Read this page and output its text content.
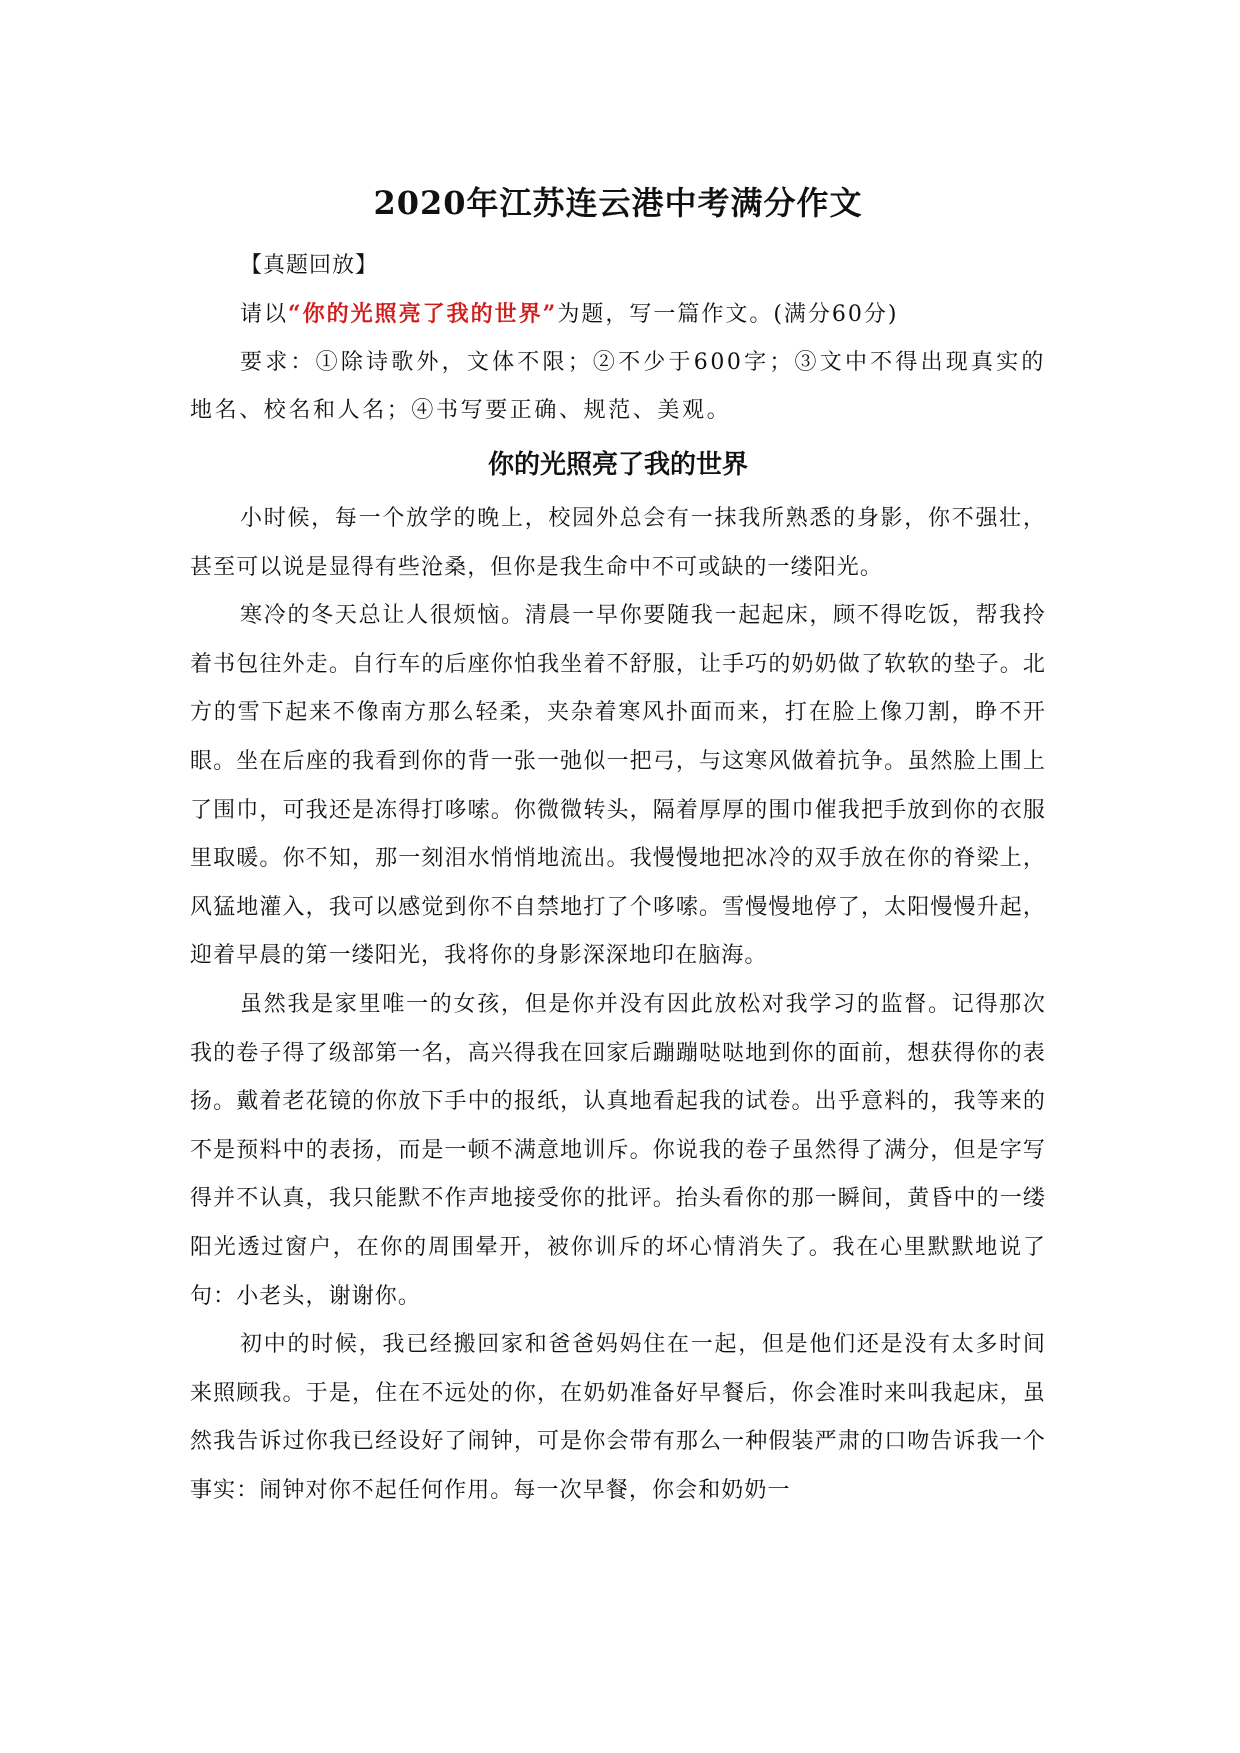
2020年江苏连云港中考满分作文

【真题回放】

请以“你的光照亮了我的世界”为题，写一篇作文。(满分60分)

要求：①除诗歌外，文体不限；②不少于600字；③文中不得出现真实的地名、校名和人名；④书写要正确、规范、美观。

你的光照亮了我的世界

小时候，每一个放学的晚上，校园外总会有一抹我所熟悉的身影，你不强壮，甚至可以说是显得有些沧桑，但你是我生命中不可或缺的一缕阳光。

寒冷的冬天总让人很烦恼。清晨一早你要随我一起起床，顾不得吃饭，帮我拎着书包往外走。自行车的后座你怕我坐着不舒服，让手巧的奶奶做了软软的垫子。北方的雪下起来不像南方那么轻柔，夹杂着寒风扑面而来，打在脸上像刀割，睁不开眼。坐在后座的我看到你的背一张一弛似一把弓，与这寒风做着抗争。虽然脸上围上了围巾，可我还是冻得打哆嗦。你微微转头，隔着厚厚的围巾催我把手放到你的衣服里取暖。你不知，那一刻泪水悄悄地流出。我慢慢地把冰冷的双手放在你的脊梁上，风猛地灌入，我可以感觉到你不自禁地打了个哆嗦。雪慢慢地停了，太阳慢慢升起，迎着早晨的第一缕阳光，我将你的身影深深地印在脑海。

虽然我是家里唯一的女孩，但是你并没有因此放松对我学习的监督。记得那次我的卷子得了级部第一名，高兴得我在回家后蹦蹦哒哒地到你的面前，想获得你的表扬。戴着老花镜的你放下手中的报纸，认真地看起我的试卷。出乎意料的，我等来的不是预料中的表扬，而是一顿不满意地训斥。你说我的卷子虽然得了满分，但是字写得并不认真，我只能默不作声地接受你的批评。抬头看你的那一瞬间，黄昏中的一缕阳光透过窗户，在你的周围晕开，被你训斥的坏心情消失了。我在心里默默地说了句：小老头，谢谢你。

初中的时候，我已经搬回家和爸爸妈妈住在一起，但是他们还是没有太多时间来照顾我。于是，住在不远处的你，在奶奶准备好早餐后，你会准时来叫我起床，虽然我告诉过你我已经设好了闹钟，可是你会带有那么一种假装严肃的口吻告诉我一个事实：闹钟对你不起任何作用。每一次早餐，你会和奶奶一
